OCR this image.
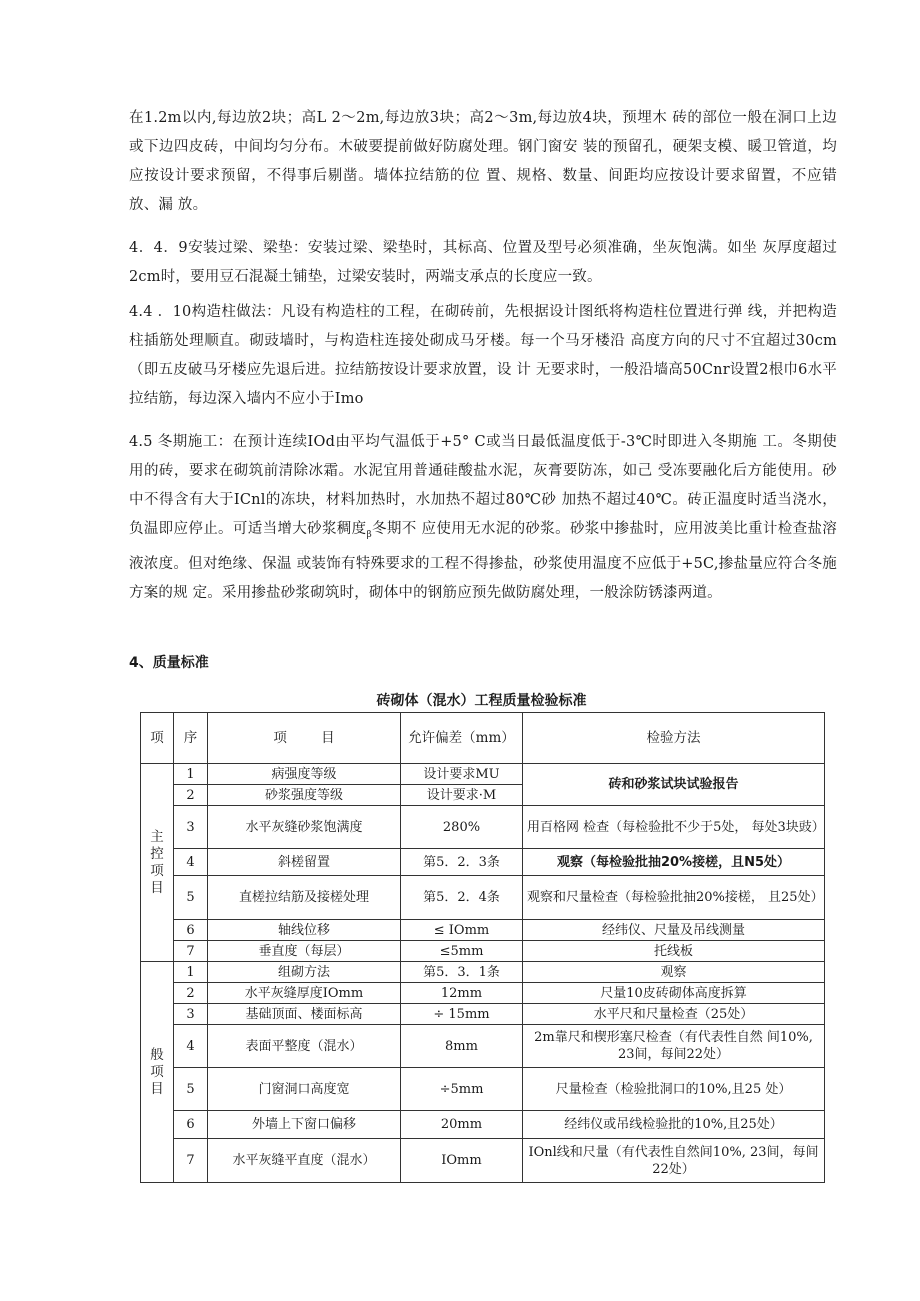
在1.2m以内,每边放2块；高L 2～2m,每边放3块；高2～3m,每边放4块，预埋木 砖的部位一般在洞口上边或下边四皮砖，中间均匀分布。木破要提前做好防腐处理。钢门窗安 装的预留孔，硬架支模、暖卫管道，均应按设计要求预留，不得事后剔凿。墙体拉结筋的位 置、规格、数量、间距均应按设计要求留置，不应错放、漏 放。

4．4．9安装过梁、梁垫：安装过梁、梁垫时，其标高、位置及型号必须准确，坐灰饱满。如坐 灰厚度超过2cm时，要用豆石混凝土铺垫，过梁安装时，两端支承点的长度应一致。

4.4 ．10构造柱做法：凡设有构造柱的工程，在砌砖前，先根据设计图纸将构造柱位置进行弹 线，并把构造柱插筋处理顺直。砌豉墙时，与构造柱连接处砌成马牙楼。每一个马牙楼沿 高度方向的尺寸不宜超过30cm （即五皮破马牙楼应先退后进。拉结筋按设计要求放置，设 计 无要求时，一般沿墙高50Cnr设置2根巾6水平拉结筋，每边深入墙内不应小于Imo

4.5 冬期施工：在预计连续IOd由平均气温低于+5° C或当日最低温度低于-3℃时即进入冬期施 工。冬期使用的砖，要求在砌筑前清除冰霜。水泥宜用普通硅酸盐水泥，灰膏要防冻，如己 受冻要融化后方能使用。砂中不得含有大于ICnl的冻块，材料加热时，水加热不超过80℃砂 加热不超过40℃。砖正温度时适当浇水，负温即应停止。可适当增大砂浆稠度$_\beta$冬期不 应使用无水泥的砂浆。砂浆中掺盐时，应用波美比重计检查盐溶液浓度。但对绝缘、保温 或装饰有特殊要求的工程不得掺盐，砂浆使用温度不应低于+5C,掺盐量应符合冬施方案的规 定。采用掺盐砂浆砌筑时，砌体中的钢筋应预先做防腐处理，一般涂防锈漆两道。

4、质量标准

砖砌体（混水）工程质量检验标准

项	序	项 目	允许偏差（mm）	检验方法
主控项目	1	病强度等级	设计要求MU	砖和砂浆试块试验报告
	2	砂浆强度等级	设计要求·M	
	3	水平灰缝砂浆饱满度	280%	用百格网 检查（每检验批不少于5处， 每处3块豉）
	4	斜槎留置	第5．2．3条	观察（每检验批抽20%接槎，且N5处）
	5	直槎拉结筋及接槎处理	第5．2．4条	观察和尺量检查（每检验批抽20%接槎， 且25处）
	6	轴线位移	≤ IOmm	经纬仪、尺量及吊线测量
	7	垂直度（每层）	≤5mm	托线板
般项目	1	组砌方法	第5．3．1条	观察
	2	水平灰缝厚度IOmm	12mm	尺量10皮砖砌体高度拆算
	3	基础顶面、楼面标高	÷ 15mm	水平尺和尺量检查（25处）
	4	表面平整度（混水）	8mm	2m靠尺和楔形塞尺检查（有代表性自然 间10%, 23间，每间22处）
	5	门窗洞口高度宽	÷5mm	尺量检查（检验批洞口的10%,且25 处）
	6	外墙上下窗口偏移	20mm	经纬仪或吊线检验批的10%,且25处）
	7	水平灰缝平直度（混水）	IOmm	IOnl线和尺量（有代表性自然间10%, 23间，每间22处）
